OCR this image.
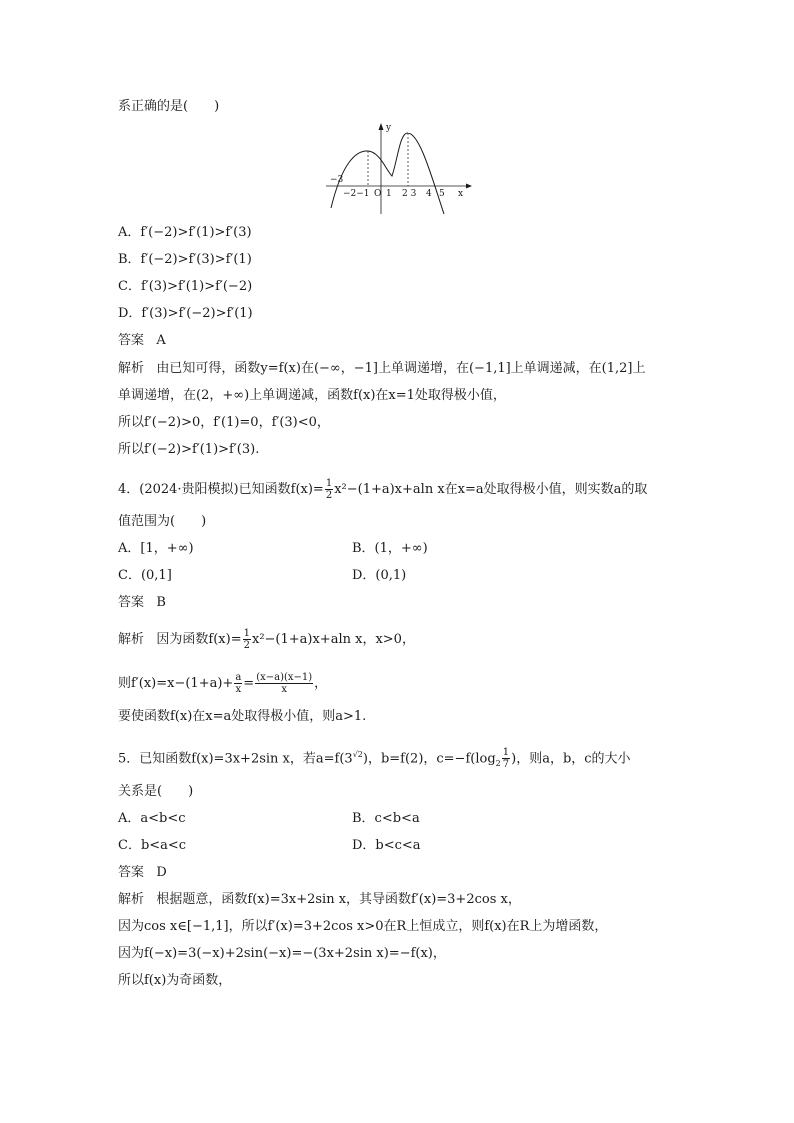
系正确的是(　　)
y
x
−3
−2−1 O 1 2 3 4 5
A．f′(−2)>f′(1)>f′(3)
B．f′(−2)>f′(3)>f′(1)
C．f′(3)>f′(1)>f′(−2)
D．f′(3)>f′(−2)>f′(1)
答案 A
解析 由已知可得，函数y=f(x)在(−∞，−1]上单调递增，在(−1,1]上单调递减，在(1,2]上
单调递增，在(2，+∞)上单调递减，函数f(x)在x=1处取得极小值，
所以f′(−2)>0，f′(1)=0，f′(3)<0，
所以f′(−2)>f′(1)>f′(3).
4．(2024·贵阳模拟)已知函数$f(x)= \frac{1}{2} x^2-(1+a)x+aln$ x在x=a处取得极小值，则实数a的取
值范围为(　　)
A．[1，+∞)	B．(1，+∞)
C．(0,1]	D．(0,1)
答案 B
解析 因为函数$f(x)= \frac{1}{2} x^2-(1+a)x+aln$ x，x>0，
则$f'(x)=x-(1+a)+ \frac{a}{x} = \frac{(x-a)(x-1)}{x}$ ，
要使函数f(x)在x=a处取得极小值，则a>1.
5．已知函数f(x)=3x+2sin x，若$a=f(3^{√2})$，b=f(2)，$c=-f(\log_2 \frac{1}{7}$ )，则a，b，c的大小
关系是(　　)
A．a<b<c	B．c<b<a
C．b<a<c	D．b<c<a
答案 D
解析 根据题意，函数f(x)=3x+2sin x，其导函数f′(x)=3+2cos x，
因为cos x∈[−1,1]，所以f′(x)=3+2cos x>0在R上恒成立，则f(x)在R上为增函数，
因为f(−x)=3(−x)+2sin(−x)=−(3x+2sin x)=−f(x)，
所以f(x)为奇函数，
